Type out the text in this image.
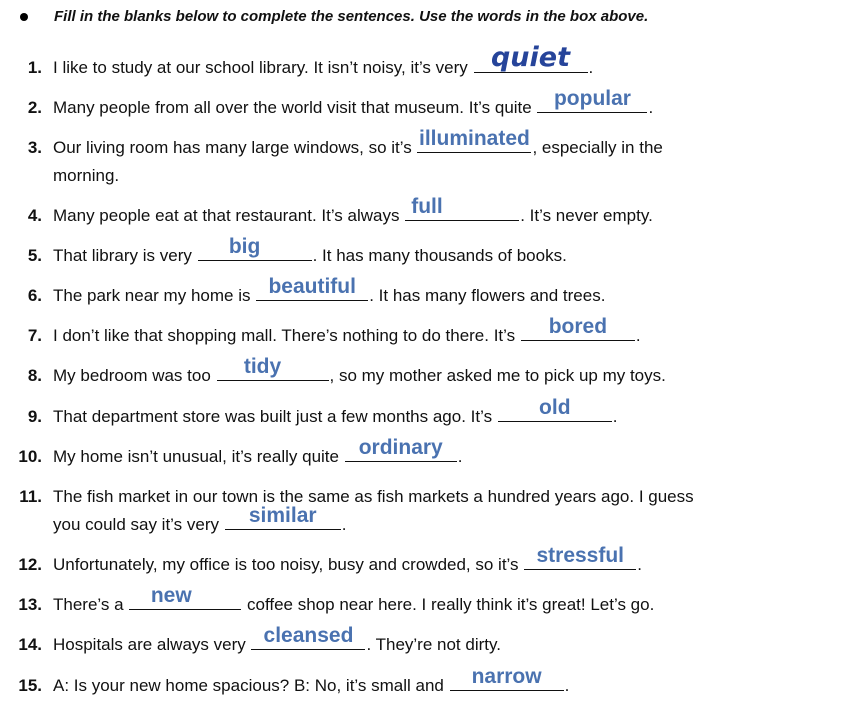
Fill in the blanks below to complete the sentences. Use the words in the box above.
1. I like to study at our school library. It isn’t noisy, it’s very quiet	.
2. Many people from all over the world visit that museum. It’s quite popular	.
3. Our living room has many large windows, so it’s illuminated , especially in the
morning.
4. Many people eat at that restaurant. It’s always full	. It’s never empty.
5. That library is very	big	. It has many thousands of books.
6. The park near my home is beautiful . It has many flowers and trees.
7. I don’t like that shopping mall. There’s nothing to do there. It’s	bored	.
8. My bedroom was too	tidy	, so my mother asked me to pick up my toys.
9. That department store was built just a few months ago. It’s	old	.
10. My home isn’t unusual, it’s really quite ordinary .
11. The fish market in our town is the same as fish markets a hundred years ago. I guess
you could say it’s very	similar	.
12. Unfortunately, my office is too noisy, busy and crowded, so it’s stressful .
13. There’s a	new	coffee shop near here. I really think it’s great! Let’s go.
14. Hospitals are always very cleansed . They’re not dirty.
15. A: Is your new home spacious? B: No, it’s small and	narrow	.
